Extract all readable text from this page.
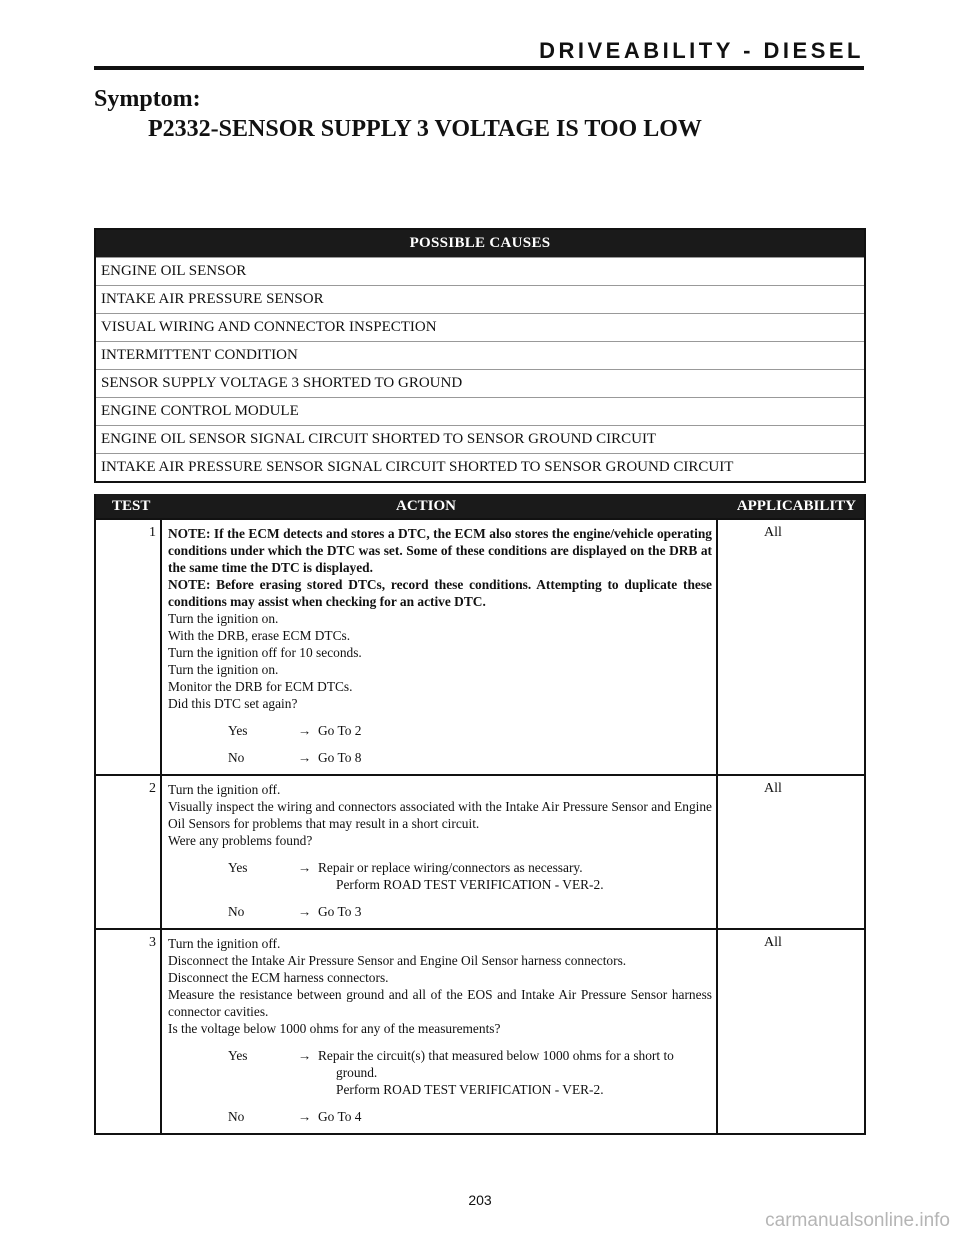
DRIVEABILITY - DIESEL
Symptom:
P2332-SENSOR SUPPLY 3 VOLTAGE IS TOO LOW
POSSIBLE CAUSES
ENGINE OIL SENSOR
INTAKE AIR PRESSURE SENSOR
VISUAL WIRING AND CONNECTOR INSPECTION
INTERMITTENT CONDITION
SENSOR SUPPLY VOLTAGE 3 SHORTED TO GROUND
ENGINE CONTROL MODULE
ENGINE OIL SENSOR SIGNAL CIRCUIT SHORTED TO SENSOR GROUND CIRCUIT
INTAKE AIR PRESSURE SENSOR SIGNAL CIRCUIT SHORTED TO SENSOR GROUND CIRCUIT
TEST	ACTION	APPLICABILITY
1 NOTE: If the ECM detects and stores a DTC, the ECM also stores the engine/vehicle operating conditions under which the DTC was set. Some of these conditions are displayed on the DRB at the same time the DTC is displayed.
NOTE: Before erasing stored DTCs, record these conditions. Attempting to duplicate these conditions may assist when checking for an active DTC.
Turn the ignition on.
With the DRB, erase ECM DTCs.
Turn the ignition off for 10 seconds.
Turn the ignition on.
Monitor the DRB for ECM DTCs.
Did this DTC set again?
Yes	→ Go To 2
No	→ Go To 8
All
2 Turn the ignition off.
Visually inspect the wiring and connectors associated with the Intake Air Pressure Sensor and Engine Oil Sensors for problems that may result in a short circuit.
Were any problems found?
Yes	→ Repair or replace wiring/connectors as necessary.
Perform ROAD TEST VERIFICATION - VER-2.
No	→ Go To 3
All
3 Turn the ignition off.
Disconnect the Intake Air Pressure Sensor and Engine Oil Sensor harness connectors.
Disconnect the ECM harness connectors.
Measure the resistance between ground and all of the EOS and Intake Air Pressure Sensor harness connector cavities.
Is the voltage below 1000 ohms for any of the measurements?
Yes	→ Repair the circuit(s) that measured below 1000 ohms for a short to
ground.
Perform ROAD TEST VERIFICATION - VER-2.
No	→ Go To 4
All
203
carmanualsonline.info
